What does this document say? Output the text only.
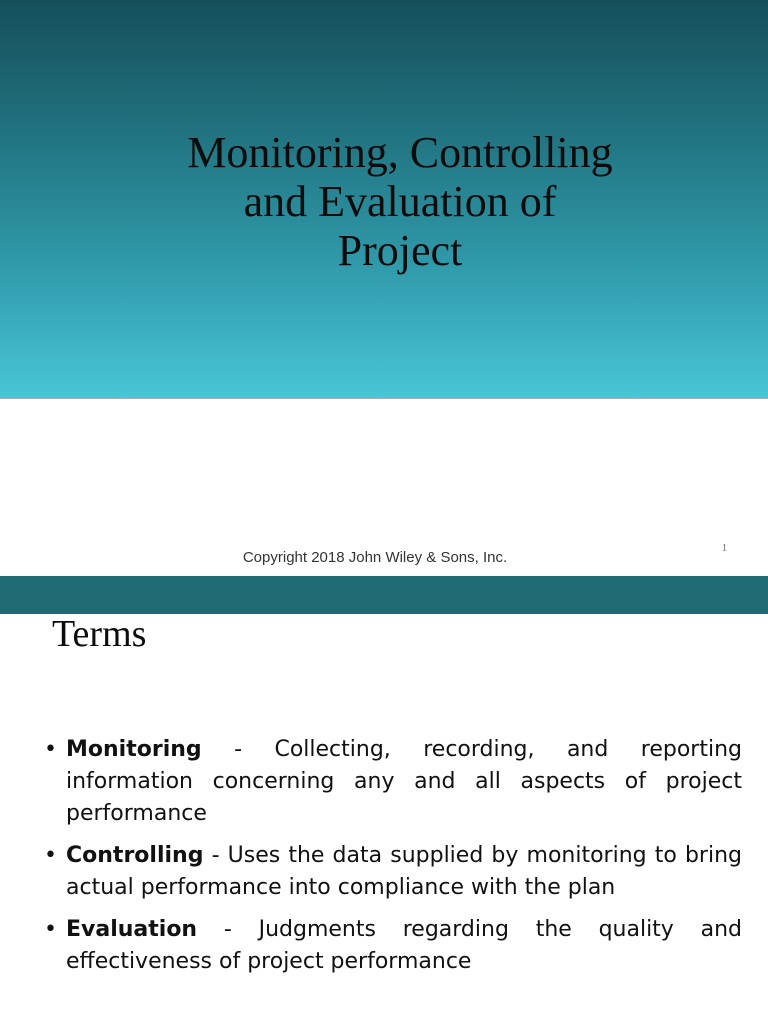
Monitoring, Controlling
and Evaluation of
Project
Copyright 2018 John Wiley & Sons, Inc.
1
Terms
• Monitoring - Collecting, recording, and reporting information concerning any and all aspects of project performance
• Controlling - Uses the data supplied by monitoring to bring actual performance into compliance with the plan
• Evaluation - Judgments regarding the quality and effectiveness of project performance
